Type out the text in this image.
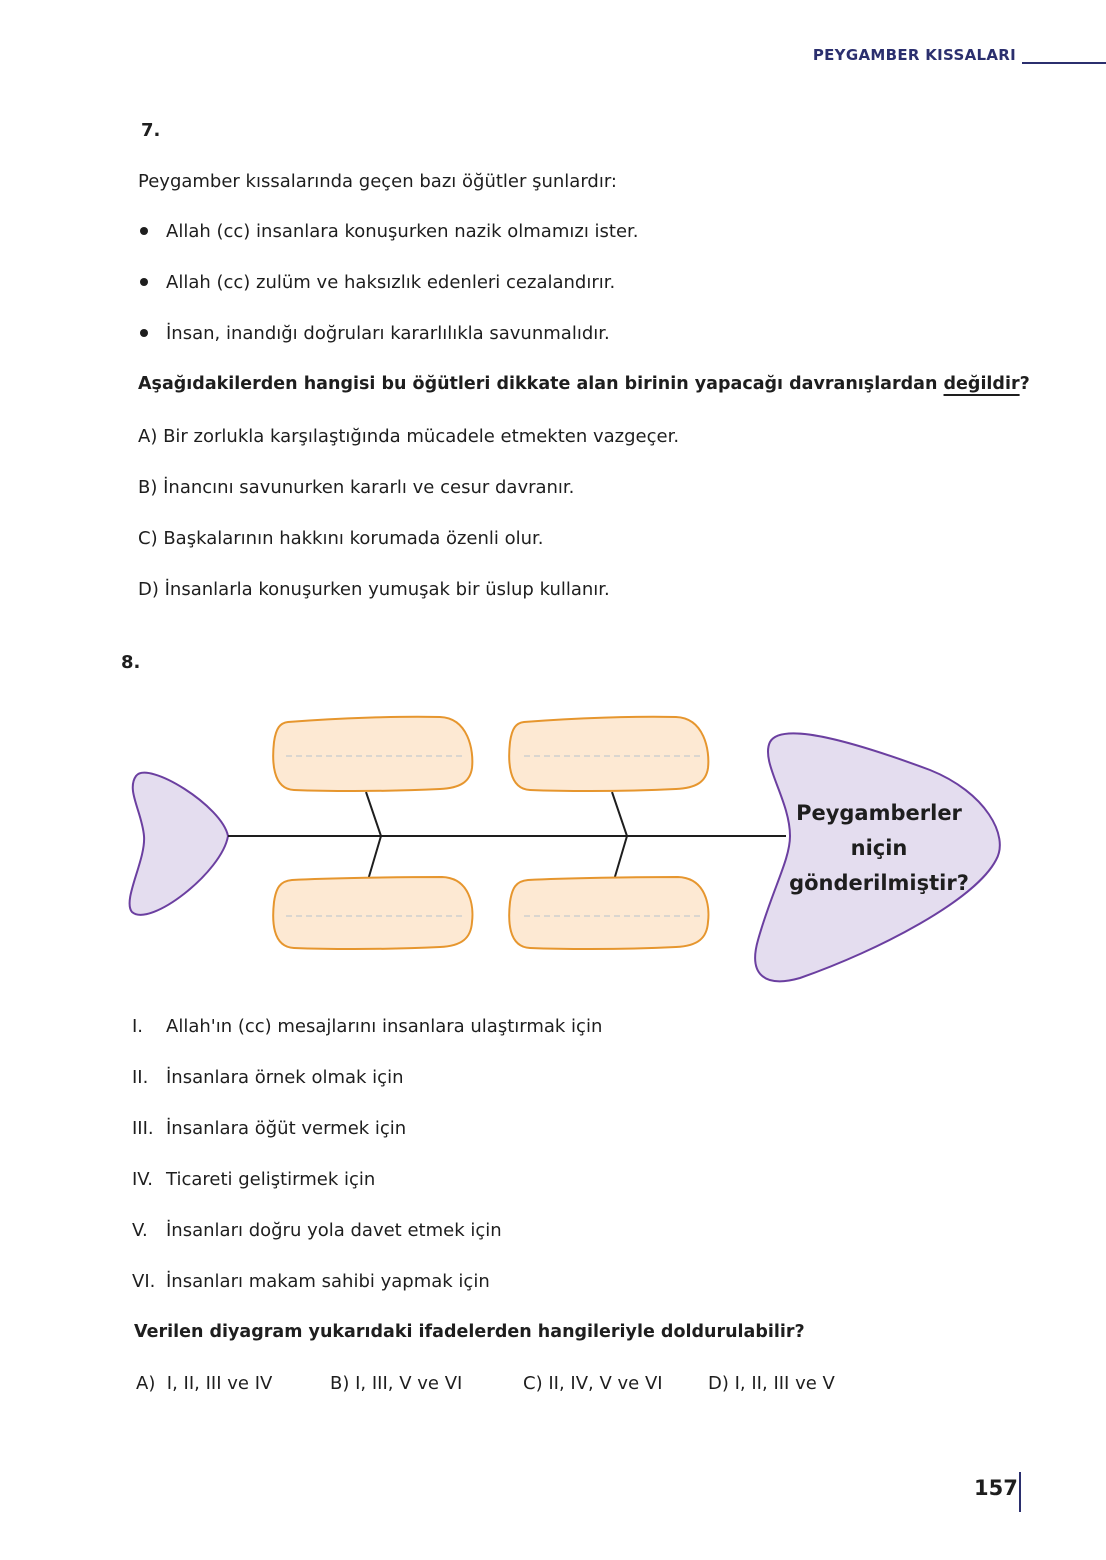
PEYGAMBER KISSALARI
7.
Peygamber kıssalarında geçen bazı öğütler şunlardır:
Allah (cc) insanlara konuşurken nazik olmamızı ister.
Allah (cc) zulüm ve haksızlık edenleri cezalandırır.
İnsan, inandığı doğruları kararlılıkla savunmalıdır.
Aşağıdakilerden hangisi bu öğütleri dikkate alan birinin yapacağı davranışlardan değildir?
A) Bir zorlukla karşılaştığında mücadele etmekten vazgeçer.
B) İnancını savunurken kararlı ve cesur davranır.
C) Başkalarının hakkını korumada özenli olur.
D) İnsanlarla konuşurken yumuşak bir üslup kullanır.
8.
Peygamberler
niçin
gönderilmiştir?
I. Allah'ın (cc) mesajlarını insanlara ulaştırmak için
II. İnsanlara örnek olmak için
III. İnsanlara öğüt vermek için
IV. Ticareti geliştirmek için
V. İnsanları doğru yola davet etmek için
VI. İnsanları makam sahibi yapmak için
Verilen diyagram yukarıdaki ifadelerden hangileriyle doldurulabilir?
A) I, II, III ve IV	B) I, III, V ve VI	C) II, IV, V ve VI	D) I, II, III ve V
157
